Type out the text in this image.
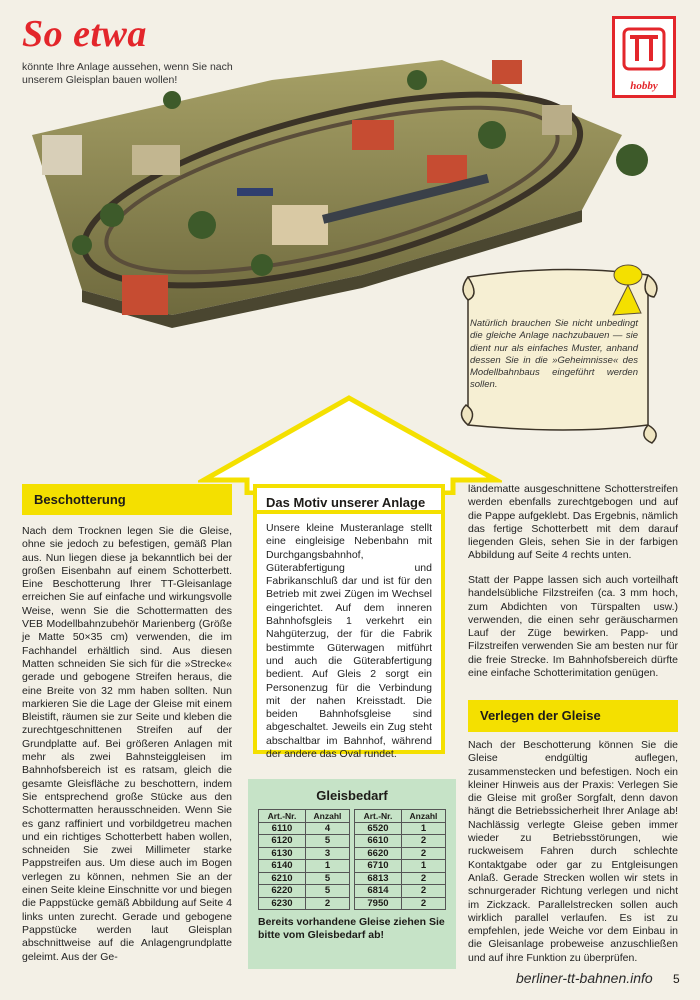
So etwa
könnte Ihre Anlage aussehen, wenn Sie nach unserem Gleisplan bauen wollen!	hobby
Natürlich brauchen Sie nicht unbedingt die gleiche Anlage nachzubauen — sie dient nur als einfaches Muster, anhand dessen Sie in die »Geheimnisse« des Modellbahnbaus eingeführt werden sollen.
Beschotterung
Nach dem Trocknen legen Sie die Gleise, ohne sie jedoch zu befestigen, gemäß Plan aus. Nun liegen diese ja bekanntlich bei der großen Eisenbahn auf einem Schotterbett. Eine Beschotterung Ihrer TT-Gleisanlage erreichen Sie auf einfache und wirkungsvolle Weise, wenn Sie die Schottermatten des VEB Modellbahnzubehör Marienberg (Größe je Matte 50×35 cm) verwenden, die im Fachhandel erhältlich sind. Aus diesen Matten schneiden Sie sich für die »Strecke« gerade und gebogene Streifen heraus, die eine Breite von 32 mm haben sollten. Nun markieren Sie die Lage der Gleise mit einem Bleistift, räumen sie zur Seite und kleben die zurechtgeschnittenen Streifen auf der Grundplatte auf. Bei größeren Anlagen mit mehr als zwei Bahnsteiggleisen im Bahnhofsbereich ist es ratsam, gleich die gesamte Gleisfläche zu beschottern, indem Sie entsprechend große Stücke aus den Schottermatten herausschneiden. Wenn Sie es ganz raffiniert und vorbildgetreu machen und ein richtiges Schotterbett haben wollen, schneiden Sie zwei Millimeter starke Pappstreifen aus. Um diese auch im Bogen verlegen zu können, nehmen Sie an der einen Seite kleine Einschnitte vor und biegen die Pappstücke gemäß Abbildung auf Seite 4 links unten zurecht. Gerade und gebogene Pappstücke werden laut Gleisplan abschnittweise auf die Anlagengrundplatte geleimt. Aus der Ge-
Das Motiv unserer Anlage
Unsere kleine Musteranlage stellt eine eingleisige Nebenbahn mit Durchgangsbahnhof, Güterabfertigung und Fabrikanschluß dar und ist für den Betrieb mit zwei Zügen im Wechsel eingerichtet. Auf dem inneren Bahnhofsgleis 1 verkehrt ein Nahgüterzug, der für die Fabrik bestimmte Güterwagen mitführt und auch die Güterabfertigung bedient. Auf Gleis 2 sorgt ein Personenzug für die Verbindung mit der nahen Kreisstadt. Die beiden Bahnhofsgleise sind abgeschaltet. Jeweils ein Zug steht abschaltbar im Bahnhof, während der andere das Oval rundet.
Gleisbedarf
Art.-Nr.	Anzahl
6110	4
6120	5
6130	3
6140	1
6210	5
6220	5
6230	2
Art.-Nr.	Anzahl
6520	1
6610	2
6620	2
6710	1
6813	2
6814	2
7950	2
Bereits vorhandene Gleise ziehen Sie bitte vom Gleisbedarf ab!
ländematte ausgeschnittene Schotterstreifen werden ebenfalls zurechtgebogen und auf die Pappe aufgeklebt. Das Ergebnis, nämlich das fertige Schotterbett mit dem darauf liegenden Gleis, sehen Sie in der farbigen Abbildung auf Seite 4 rechts unten.
Statt der Pappe lassen sich auch vorteilhaft handelsübliche Filzstreifen (ca. 3 mm hoch, zum Abdichten von Türspalten usw.) verwenden, die einen sehr geräuscharmen Lauf der Züge bewirken. Papp- und Filzstreifen verwenden Sie am besten nur für die freie Strecke. Im Bahnhofsbereich dürfte eine einfache Schotterimitation genügen.
Verlegen der Gleise
Nach der Beschotterung können Sie die Gleise endgültig auflegen, zusammenstecken und befestigen. Noch ein kleiner Hinweis aus der Praxis: Verlegen Sie die Gleise mit großer Sorgfalt, denn davon hängt die Betriebssicherheit Ihrer Anlage ab! Nachlässig verlegte Gleise geben immer wieder zu Betriebsstörungen, wie ruckweisem Fahren durch schlechte Kontaktgabe oder gar zu Entgleisungen Anlaß. Gerade Strecken wollen wir stets in schnurgerader Richtung verlegen und nicht im Zickzack. Parallelstrecken sollen auch wirklich parallel verlaufen. Es ist zu empfehlen, jede Weiche vor dem Einbau in die Gleisanlage probeweise anzuschließen und auf ihre Funktion zu überprüfen.
berliner-tt-bahnen.info 5
